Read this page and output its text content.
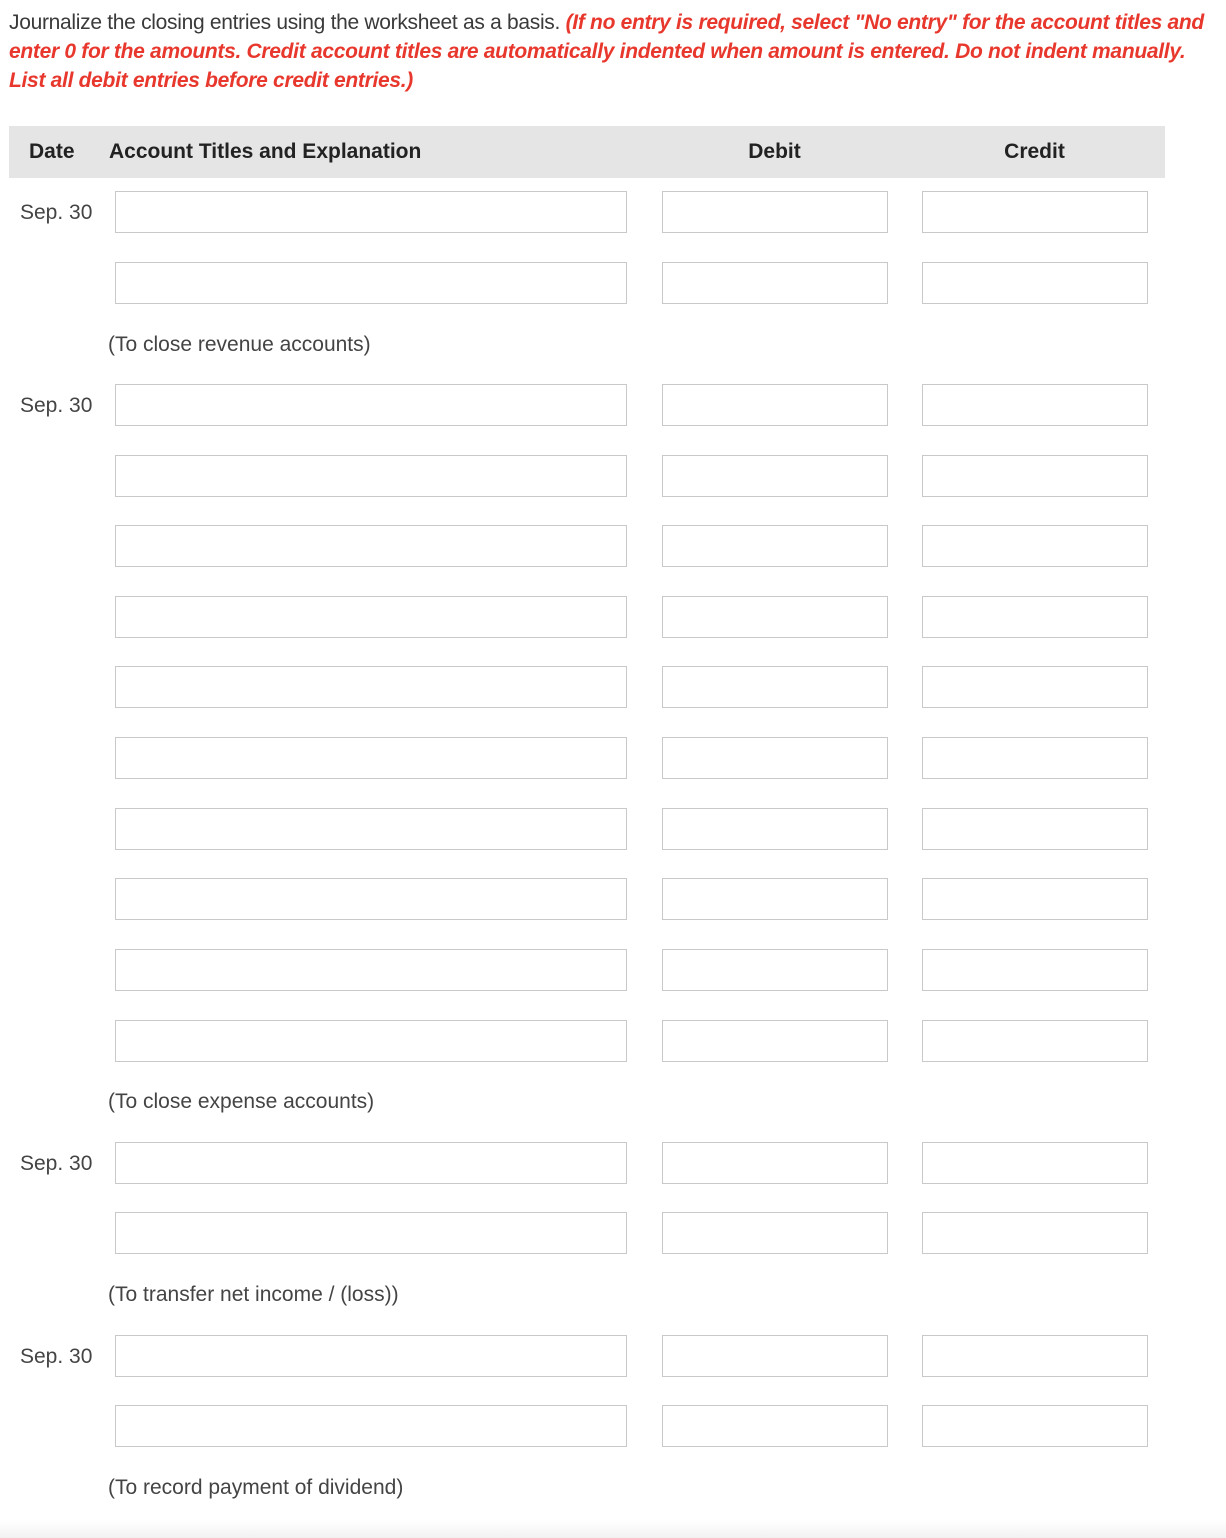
Journalize the closing entries using the worksheet as a basis. (If no entry is required, select "No entry" for the account titles and enter 0 for the amounts. Credit account titles are automatically indented when amount is entered. Do not indent manually. List all debit entries before credit entries.)
Date Account Titles and Explanation	Debit	Credit
Sep. 30
(To close revenue accounts)
Sep. 30
(To close expense accounts)
Sep. 30
(To transfer net income / (loss))
Sep. 30
(To record payment of dividend)
